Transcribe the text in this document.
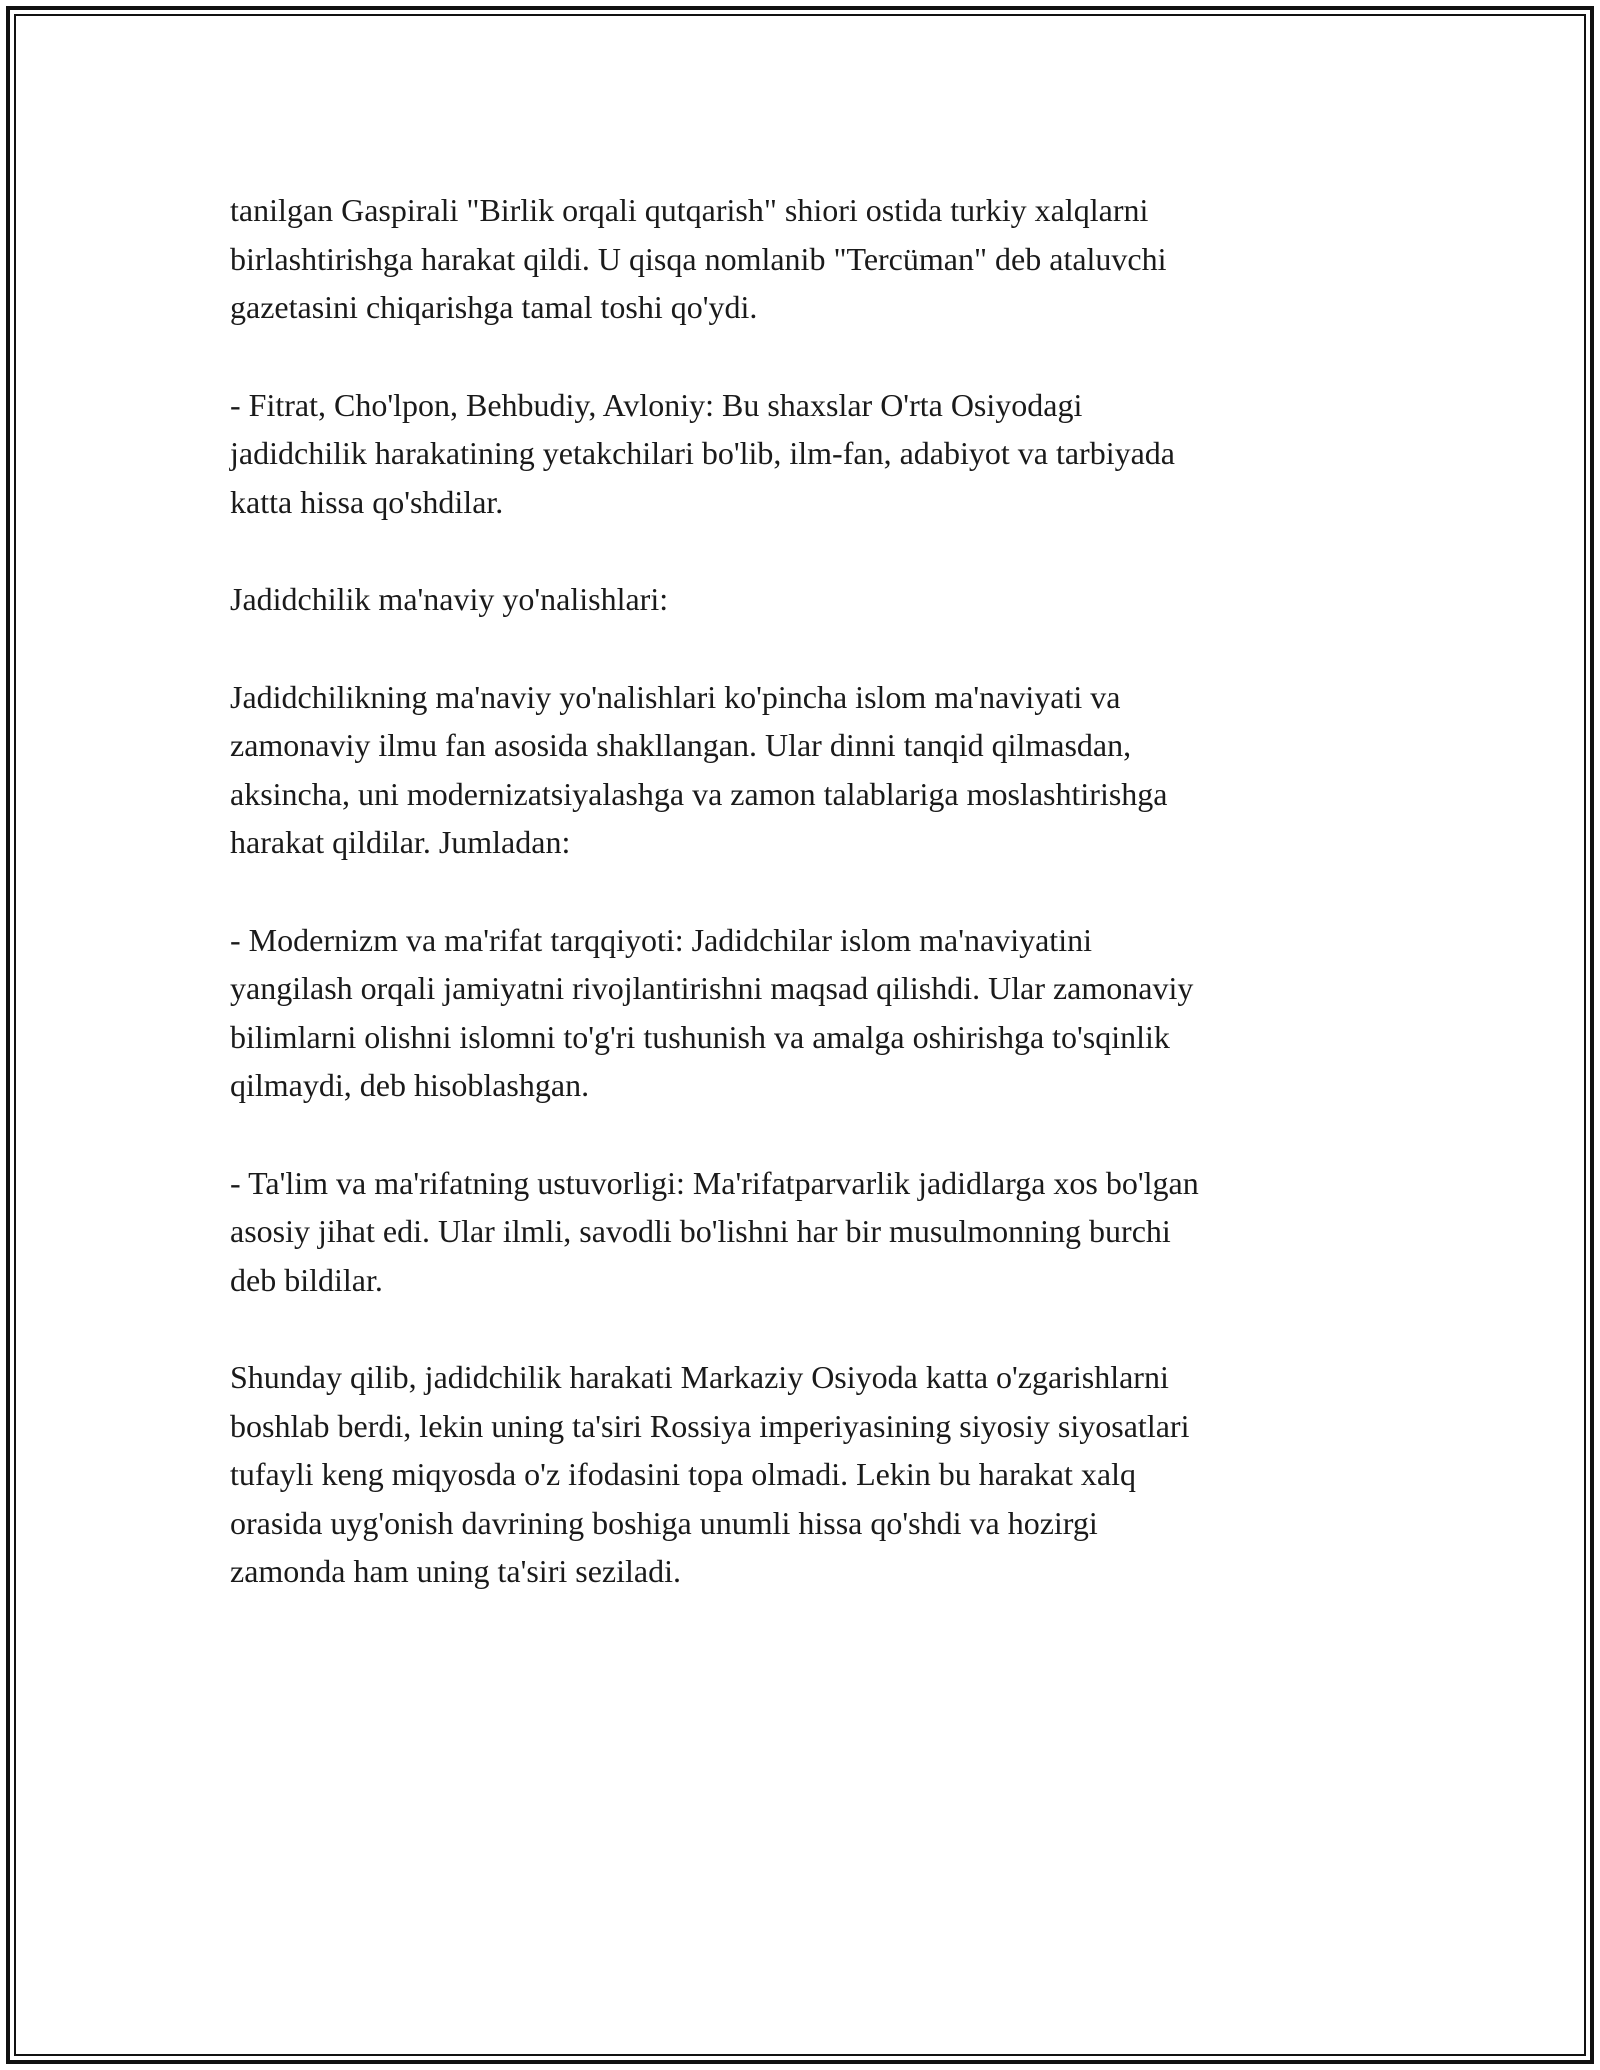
tanilgan Gaspirali "Birlik orqali qutqarish" shiori ostida turkiy xalqlarni
birlashtirishga harakat qildi. U qisqa nomlanib "Tercüman" deb ataluvchi
gazetasini chiqarishga tamal toshi qo'ydi.

- Fitrat, Cho'lpon, Behbudiy, Avloniy: Bu shaxslar O'rta Osiyodagi
jadidchilik harakatining yetakchilari bo'lib, ilm-fan, adabiyot va tarbiyada
katta hissa qo'shdilar.

Jadidchilik ma'naviy yo'nalishlari:

Jadidchilikning ma'naviy yo'nalishlari ko'pincha islom ma'naviyati va
zamonaviy ilmu fan asosida shakllangan. Ular dinni tanqid qilmasdan,
aksincha, uni modernizatsiyalashga va zamon talablariga moslashtirishga
harakat qildilar. Jumladan:

- Modernizm va ma'rifat tarqqiyoti: Jadidchilar islom ma'naviyatini
yangilash orqali jamiyatni rivojlantirishni maqsad qilishdi. Ular zamonaviy
bilimlarni olishni islomni to'g'ri tushunish va amalga oshirishga to'sqinlik
qilmaydi, deb hisoblashgan.

- Ta'lim va ma'rifatning ustuvorligi: Ma'rifatparvarlik jadidlarga xos bo'lgan
asosiy jihat edi. Ular ilmli, savodli bo'lishni har bir musulmonning burchi
deb bildilar.

Shunday qilib, jadidchilik harakati Markaziy Osiyoda katta o'zgarishlarni
boshlab berdi, lekin uning ta'siri Rossiya imperiyasining siyosiy siyosatlari
tufayli keng miqyosda o'z ifodasini topa olmadi. Lekin bu harakat xalq
orasida uyg'onish davrining boshiga unumli hissa qo'shdi va hozirgi
zamonda ham uning ta'siri seziladi.
